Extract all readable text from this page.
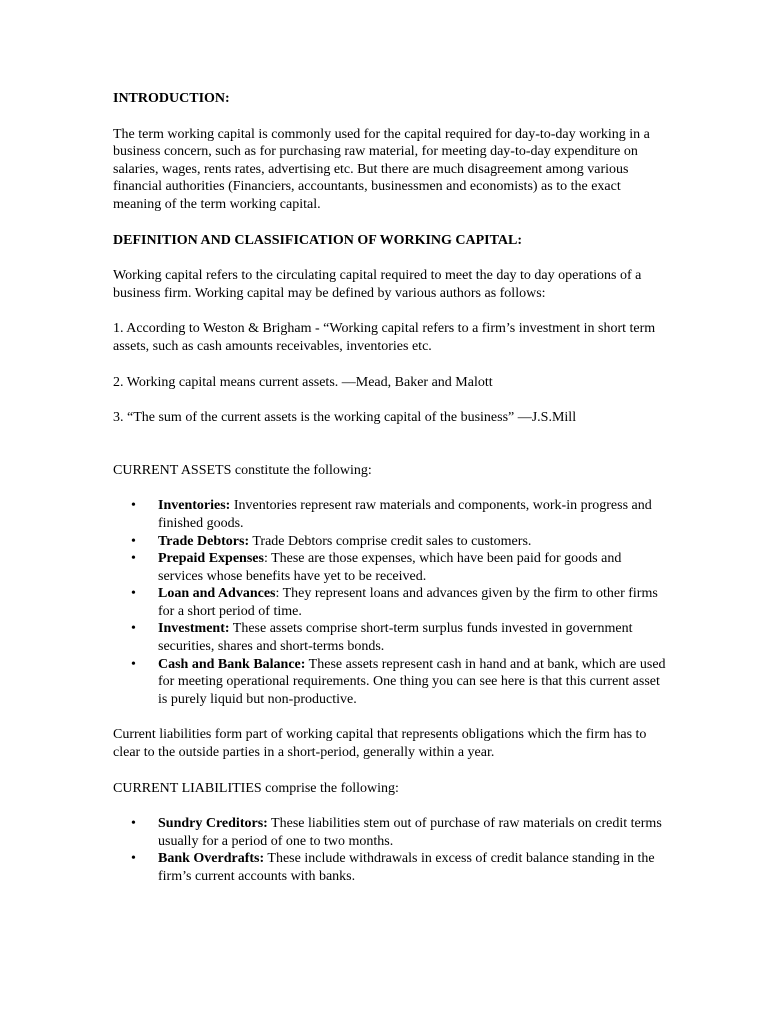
INTRODUCTION:

The term working capital is commonly used for the capital required for day-to-day working in a business concern, such as for purchasing raw material, for meeting day-to-day expenditure on salaries, wages, rents rates, advertising etc. But there are much disagreement among various financial authorities (Financiers, accountants, businessmen and economists) as to the exact meaning of the term working capital.

DEFINITION AND CLASSIFICATION OF WORKING CAPITAL:

Working capital refers to the circulating capital required to meet the day to day operations of a business firm. Working capital may be defined by various authors as follows:

1. According to Weston & Brigham - “Working capital refers to a firm’s investment in short term assets, such as cash amounts receivables, inventories etc.

2. Working capital means current assets. —Mead, Baker and Malott

3. “The sum of the current assets is the working capital of the business” —J.S.Mill

CURRENT ASSETS constitute the following:

• Inventories: Inventories represent raw materials and components, work-in progress and finished goods.
• Trade Debtors: Trade Debtors comprise credit sales to customers.
• Prepaid Expenses: These are those expenses, which have been paid for goods and services whose benefits have yet to be received.
• Loan and Advances: They represent loans and advances given by the firm to other firms for a short period of time.
• Investment: These assets comprise short-term surplus funds invested in government securities, shares and short-terms bonds.
• Cash and Bank Balance: These assets represent cash in hand and at bank, which are used for meeting operational requirements. One thing you can see here is that this current asset is purely liquid but non-productive.

Current liabilities form part of working capital that represents obligations which the firm has to clear to the outside parties in a short-period, generally within a year.

CURRENT LIABILITIES comprise the following:

• Sundry Creditors: These liabilities stem out of purchase of raw materials on credit terms usually for a period of one to two months.
• Bank Overdrafts: These include withdrawals in excess of credit balance standing in the firm’s current accounts with banks.
